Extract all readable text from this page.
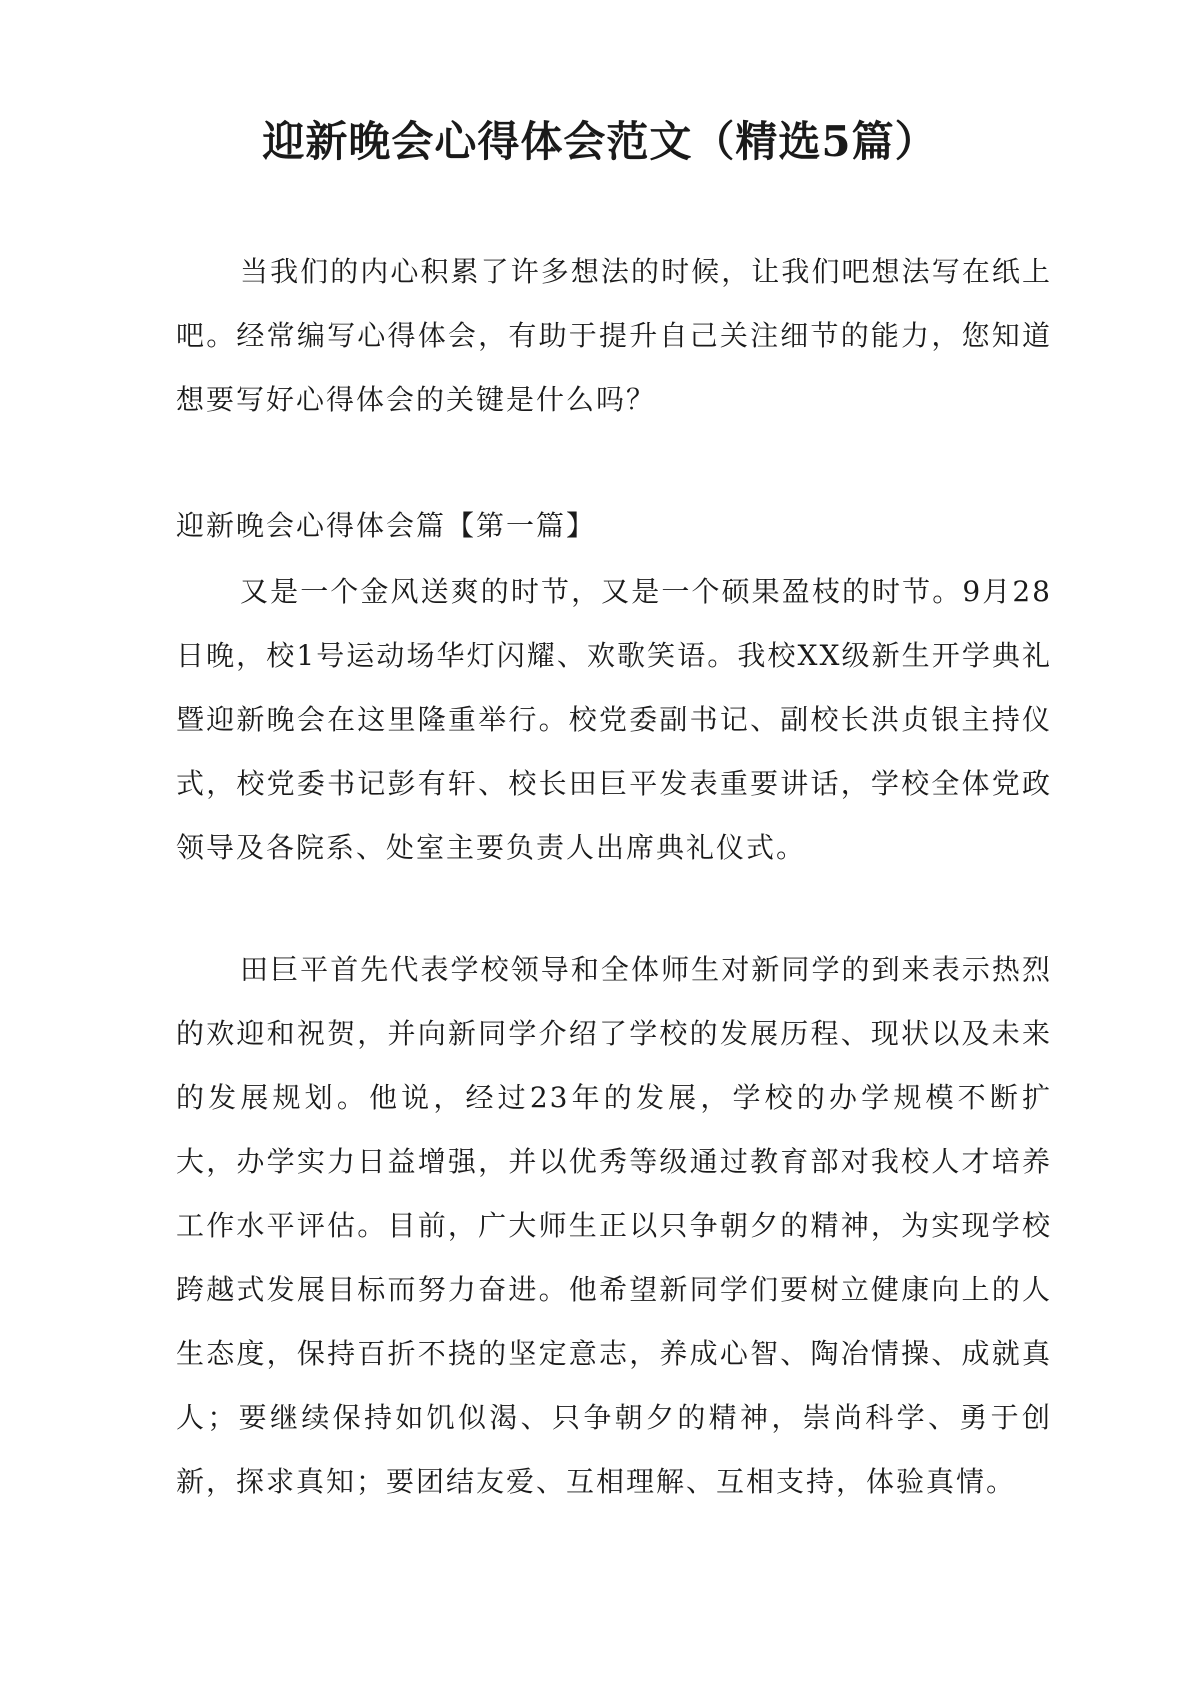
迎新晚会心得体会范文（精选5篇）

当我们的内心积累了许多想法的时候，让我们吧想法写在纸上吧。经常编写心得体会，有助于提升自己关注细节的能力，您知道想要写好心得体会的关键是什么吗？

迎新晚会心得体会篇【第一篇】

又是一个金风送爽的时节，又是一个硕果盈枝的时节。9月28日晚，校1号运动场华灯闪耀、欢歌笑语。我校XX级新生开学典礼暨迎新晚会在这里隆重举行。校党委副书记、副校长洪贞银主持仪式，校党委书记彭有轩、校长田巨平发表重要讲话，学校全体党政领导及各院系、处室主要负责人出席典礼仪式。

田巨平首先代表学校领导和全体师生对新同学的到来表示热烈的欢迎和祝贺，并向新同学介绍了学校的发展历程、现状以及未来的发展规划。他说，经过23年的发展，学校的办学规模不断扩大，办学实力日益增强，并以优秀等级通过教育部对我校人才培养工作水平评估。目前，广大师生正以只争朝夕的精神，为实现学校跨越式发展目标而努力奋进。他希望新同学们要树立健康向上的人生态度，保持百折不挠的坚定意志，养成心智、陶冶情操、成就真人；要继续保持如饥似渴、只争朝夕的精神，崇尚科学、勇于创新，探求真知；要团结友爱、互相理解、互相支持，体验真情。
